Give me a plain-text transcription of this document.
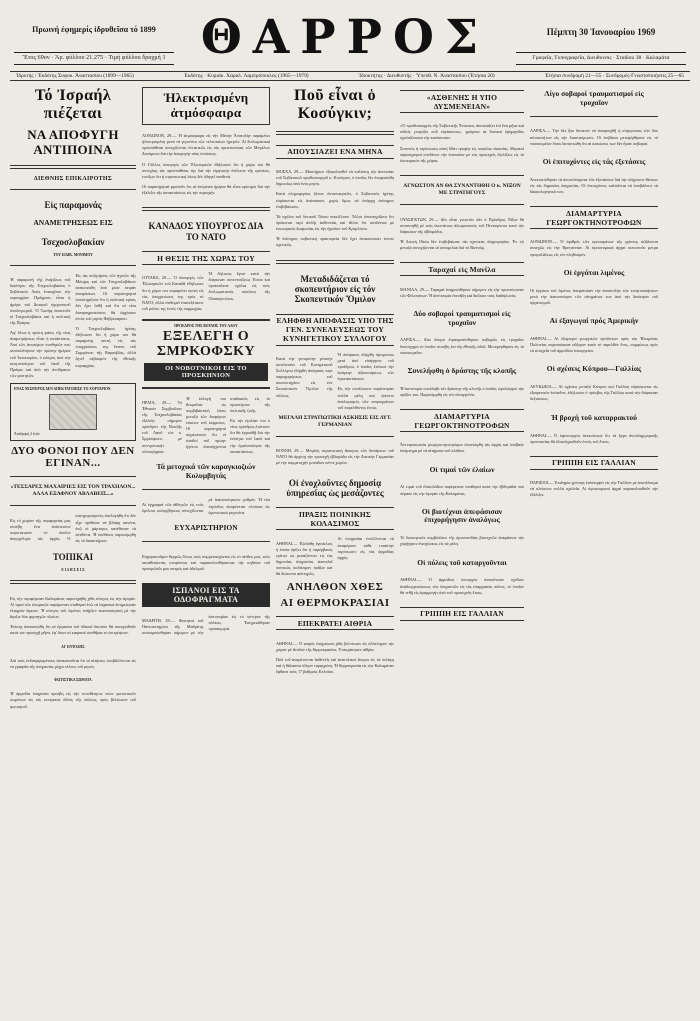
Πρωινή ἐφημερίς ἱδρυθεῖσα τό 1899
Ἔτος 69ον · Ἀρ. φύλλου 21.275 · Τιμή φύλλου δραχμή 1 ΘΑΡΡΟΣ	Πέμπτη 30 Ἰανουαρίου 1969
Γραφεῖα, Τυπογραφεῖα, Διευθυνσις · Σταδίου 38 · Καλαμάτα
Ἰδρυτής / Ἐκδότης Σοφοκ. Ἀναστασίου (1899—1965)	Ἐκδότης · Κυριάκ. Χαραλ. Λαμπρόπουλος (1965—1979)	Ἰδιοκτήτης · Διευθυντής · Ὑπεύθ. Ν. Ἀναστασίου (Ἐτήσια 20)	Ἐτήσια συνδρομή 21—55 · Συνδρομές-Γνωστοποιήσεις 25—65
Τό Ἰσραήλ πιέζεται
ΝΑ ΑΠΟΦΥΓΗ ΑΝΤΙΠΟΙΝΑ
ΔΙΕΘΝΗΣ ΕΠΙΚΑΙΡΟΤΗΣ
Εἰς παραμονάς
ΑΝΑΜΕΤΡΗΣΕΩΣ ΕΙΣ
Τσεχοσλοβακίαν
ΤΟΥ ΕΙΔΙΚ. ΜΟΝΙΜΟΥ

Ἡ παραμονή τῆς ἐνάρξεως τοῦ διαλόγου τῆς Τσεχοσλοβακίας ὁ Σοβιετικός Λαός ἐπιταχύνει τήν κυριαρχίαν. Πράγματι, εἶναι ἡ ἡμέρα τοῦ Δυτικοῦ ἡγεμονικοῦ ὑπολογισμοῦ. Ὁ Ἰωσήφ ἀπαντοῦν οἱ Τσεχοσλοβάκοι καί ἡ πολιτική τῆς Πράγας.

Ἀφ' ὅλων ἡ πρώτη φάσις τῆς νέας ἀναμετρήσεως εἶναι ἡ κατάστασις. Ἀπό τῶν ἀνωτέρων συνθηκῶν πού συνεκλόνησαν τήν πρώτην ἡμέραν τοῦ Ἰανουαρίου, ὁ κόσμος ἀπό τήν κινητοποίησιν τοῦ λαοῦ τῆς Πράγας καί ἀπό τήν ἀντίδρασιν τῶν φοιτητῶν.

Εἰς τάς συζητήσεις τῶν ἡγετῶν τῆς Μόσχας καί τῶν Τσεχοσλοβάκων ἀνεκοινώθη ἀπό μίαν σειράν ἀποφάσεων. Οἱ παρατηρηταί ὑποστηρίζουν ὅτι ἡ πολιτική κρίσις δέν ἔχει λυθῆ καί ὅτι αἱ νέαι διαπραγματεύσεις θά ἀρχίσουν ἐντός τοῦ μηνός Φεβρουαρίου.

Ὁ Τσεχοσλοβάκος ἡγέτης ἐδήλωσεν ὅτι ἡ χώρα του θά παραμείνῃ πιστή εἰς τάς ὑποχρεώσεις της ἔναντι τοῦ Συμφώνου τῆς Βαρσοβίας, ἀλλά ζητεῖ σεβασμόν τῆς ἐθνικῆς κυριαρχίας.

ΕΝΑΣ ΝΕΩΤΕΡΟΣ ΔΕΝ ΑΠΕΚΤΑΤΟΠΙΣΕ ΤΟ ΧΟΡΤΑΡΙΟΝ
Ἀναδρομή 2 ἐτῶν
ΔΥΟ ΦΟΝΟΙ ΠΟΥ ΔΕΝ ΕΓΙΝΑΝ...
«ΤΕΣΣΑΡΕΣ ΜΑΧΑΙΡΙΕΣ ΕΙΣ ΤΟΝ ΤΡΑΧΗΛΟΝ... ΑΛΛΑ ΕΞΑΦΝΟΥ ΑΒΛΑΒΕΙΣ...»

Εἰς τό χωρίον τῆς περιφερείας μας συνέβη ἕνα ἀπίστευτον περιστατικόν τό ὁποῖον ἀπησχόλησε τάς ἀρχάς. Ὁ κατηγορούμενος ἀπελογήθη ὅτι δέν εἶχε πρόθεσιν νά βλάψῃ κανένα, ἐνῷ οἱ μάρτυρες κατέθεσαν τά ἀντίθετα. Ἡ ὑπόθεσις παρεπέμφθη εἰς τό δικαστήριον.

ΤΟΠΙΚΑΙ
Ε Ι Δ Η Σ Ε Ι Σ

Εἰς τήν περιφέρειαν Καλαμάτας παρετηρήθη χθές κίνησις εἰς τήν ἀγοράν. Αἱ τιμαί τῶν ὀπωρικῶν παρέμειναν σταθεραί ἐνῷ τά λαχανικά ἐσημείωσαν ἐλαφράν ὕφεσιν. Ἡ κίνησις τοῦ λιμένος ὑπῆρξεν ἱκανοποιητική μέ τήν ἄφιξιν δύο φορτηγῶν πλοίων.

Ἐπίσης ἀνεκοινώθη ὅτι αἱ ἐργασίαι τοῦ ὁδικοῦ δικτύου θά συνεχισθοῦν κατά τόν προσεχῆ μῆνα, ἐφ' ὅσον αἱ καιρικαί συνθῆκαι τό ἐπιτρέψουν.

ΔΙ' ΕΝΤΟΛΗΣ

Διά τούς ἐνδιαφερομένους ἀνακοινοῦται ὅτι αἱ αἰτήσεις ὑποβάλλονται εἰς τά γραφεῖα τῆς ὑπηρεσίας μέχρι τέλους τοῦ μηνός.

ΦΩΤΙΣΤΙΚΑ ΣΩΜΑΤΑ

Ἡ ἁρμοδία ὑπηρεσία προέβη εἰς τήν τοποθέτησιν νέων φωτιστικῶν σωμάτων εἰς τάς κεντρικάς ὁδούς τῆς πόλεως, πρός βελτίωσιν τοῦ φωτισμοῦ.

Ἠλεκτρισμένη
ἀτμόσφαιρα

ΛΟΝΔΙΝΟΝ, 29.— Ἡ ἀτμόσφαιρα εἰς τήν Μέσην Ἀνατολήν παραμένει ἠλεκτρισμένη μετά τά γεγονότα τῶν τελευταίων ἡμερῶν. Αἱ διπλωματικαί προσπάθειαι συνεχίζονται ἐντατικῶς εἰς τάς πρωτευούσας τῶν Μεγάλων Δυνάμεων διά τήν ἀποφυγήν νέας ἐντάσεως.

Ὁ Γάλλος ὑπουργός τῶν Ἐξωτερικῶν ἐδήλωσεν ὅτι ἡ χώρα του θά συνεχίσῃ τάς προσπαθείας της διά τήν εἰρηνικήν ἐπίλυσιν τῆς κρίσεως, τονίζων ὅτι ἡ στρατιωτική λύσις δέν ὁδηγεῖ πουθενά.

Οἱ παρατηρηταί φρονοῦν ὅτι αἱ ἑπόμεναι ἡμέραι θά εἶναι κρίσιμοι διά τήν ἐξέλιξιν τῆς καταστάσεως εἰς τήν περιοχήν.

ΚΑΝΑΔΟΣ ΥΠΟΥΡΓΟΣ ΔΙΑ ΤΟ ΝΑΤΟ
Η ΘΕΣΙΣ ΤΗΣ ΧΩΡΑΣ ΤΟΥ

ΟΤΤΑΒΑ, 29.— Ὁ ὑπουργός τῶν Ἐξωτερικῶν τοῦ Καναδᾶ ἐδήλωσεν ὅτι ἡ χώρα του παραμένει πιστή εἰς τάς ὑποχρεώσεις της πρός τό ΝΑΤΟ, ἀλλά ἐπιθυμεῖ ἐπανεξέτασιν τοῦ ρόλου της ἐντός τῆς συμμαχίας.

Ἡ δήλωσις ἔγινε κατά τήν διάρκειαν συνεντεύξεως Τύπου καί προεκάλεσε σχόλια εἰς τούς διπλωματικούς κύκλους τῆς Οὐασιγκτῶνος.

ΠΡΟΕΔΡΟΣ ΤΗΣ ΒΟΥΛΗΣ ΤΟΥ ΛΑΟΥ
ΕΞΕΛΕΓΗ Ο ΣΜΡΚΟΦΣΚΥ
ΟΙ ΝΟΒΟΤΝΙΚΟΙ ΕΙΣ ΤΟ ΠΡΟΣΚΗΝΙΟΝ

ΠΡΑΓΑ, 29.— Τό Ἐθνικόν Συμβούλιον τῆς Τσεχοσλοβακίας ἐξέλεξε σήμερον πρόεδρον τῆς Βουλῆς τοῦ Λαοῦ τόν κ. Σμρκόφσκυ, μέ συντριπτικήν πλειοψηφίαν.

Ἡ ἐκλογή του θεωρεῖται ὡς συμβιβαστική λύσις μεταξύ τῶν διαφόρων τάσεων τοῦ κόμματος. Οἱ παρατηρηταί σημειώνουν ὅτι οἱ ὀπαδοί τοῦ πρώην ἡγέτου ἐπανέρχονται σταδιακῶς εἰς τό προσκήνιον τῆς πολιτικῆς ζωῆς.

Εἰς τήν ὁμιλίαν του ὁ νέος πρόεδρος ἐτόνισεν ὅτι θά ἐργασθῇ διά τήν ἑνότητα τοῦ λαοῦ καί τήν ὁμαλοποίησιν τῆς καταστάσεως.

Τά μετοχικά τῶν καραγκιοζιών Κολυμβητάς

Αἱ ἐγγραφαί τῶν ἀθλητῶν εἰς τούς ὁμίλους κολυμβήσεως συνεχίζονται μέ ἱκανοποιητικόν ρυθμόν. Ἡ νέα περίοδος ἀναμένεται πλούσια εἰς ἀγωνιστικά γεγονότα.

ΕΥΧΑΡΙΣΤΗΡΙΟΝ

Εὐχαριστοῦμεν θερμῶς ὅλους τούς συμμετασχόντας εἰς τό πένθος μας, τούς καταθέσαντας στεφάνους καί παρακολουθήσαντας τήν κηδείαν τοῦ προσφιλοῦς μας πατρός καί ἀδελφοῦ.

ΙΣΠΑΝΟΙ ΕΙΣ ΤΑ ΟΔΟΦΡΑΓΜΑΤΑ

ΜΑΔΡΙΤΗ, 29.— Φοιτηταί τοῦ Πανεπιστημίου τῆς Μαδρίτης συνεκρούσθησαν σήμερον μέ τήν ἀστυνομίαν εἰς τό κέντρον τῆς πόλεως. Ἐσημειώθησαν προσαγωγαί.

Ποῦ εἶναι ὁ Κοσύγκιν;
ΑΠΟΥΣΙΑΖΕΙ ΕΝΑ ΜΗΝΑ

ΜΟΣΧΑ, 29.— Μυστήριον ἐξακολουθεῖ νά καλύπτῃ τήν ἀπουσίαν τοῦ Σοβιετικοῦ πρωθυπουργοῦ κ. Κοσύγκιν, ὁ ὁποῖος δέν ἐνεφανίσθη δημοσίως ἀπό ἑνός μηνός.

Κατά πληροφορίας ξένων ἀνταποκριτῶν, ὁ Σοβιετικός ἡγέτης εὑρίσκεται εἰς ἀνάπαυσιν, χωρίς ὅμως νά ὑπάρχῃ ἐπίσημος ἐπιβεβαίωσις.

Τά σχόλια τοῦ δυτικοῦ Τύπου ποικίλλουν. Ἄλλοι ὑποστηρίζουν ὅτι πρόκειται περί ἁπλῆς ἀσθενείας καί ἄλλοι ὅτι συνδέεται μέ ἐσωτερικάς διαφωνίας εἰς τήν ἡγεσίαν τοῦ Κρεμλίνου.

Ἡ ἐπίσημος σοβιετική πρακτορεία δέν ἔχει ἀνακοινώσει τίποτε σχετικῶς.

Μεταδιδάζεται τό σκοπευτήριον εἰς τόν Σκοπευτικόν Ὅμιλον
ΕΛΗΦΘΗ ΑΠΟΦΑΣΙΣ ΥΠΟ ΤΗΣ ΓΕΝ. ΣΥΝΕΛΕΥΣΕΩΣ ΤΟΥ ΚΥΝΗΓΕΤΙΚΟΥ ΣΥΛΛΟΓΟΥ

Κατά τήν γενομένην γενικήν συνέλευσιν τοῦ Κυνηγετικοῦ Συλλόγου ἐλήφθη ἀπόφασις περί παραχωρήσεως τοῦ σκοπευτηρίου εἰς τόν Σκοπευτικόν Ὅμιλον τῆς πόλεως.

Ἡ ἀπόφασις ἐλήφθη ὁμοφώνως μετά ἀπό εἰσήγησιν τοῦ προέδρου, ὁ ὁποῖος ἐτόνισε τήν ἀνάγκην ἀξιοποιήσεως τῶν ἐγκαταστάσεων.

Εἰς τήν συνέλευσιν παρέστησαν πολλά μέλη καί ἐγένετο ἀπολογισμός τῶν πεπραγμένων τοῦ παρελθόντος ἔτους.

ΜΕΓΑΛΗ ΣΤΡΑΤΙΩΤΙΚΗ ΑΣΚΗΣΙΣ ΕΙΣ ΔΥΤ. ΓΕΡΜΑΝΙΑΝ

ΒΟΝΝΗ, 29.— Μεγάλη στρατιωτική ἄσκησις τῶν δυνάμεων τοῦ ΝΑΤΟ θά ἀρχίσῃ τήν προσεχῆ ἑβδομάδα εἰς τήν Δυτικήν Γερμανίαν μέ τήν συμμετοχήν μονάδων πέντε χωρῶν.

Οἱ ἐνοχλοῦντες δημοσίᾳ ὑπηρεσίας ὡς μεσάζοντες
ΠΡΑΞΙΣ ΠΟΙΝΙΚΗΣ ΚΟΛΑΣΙΜΟΣ

ΑΘΗΝΑΙ.— Ἐξεδόθη ἐγκύκλιος ἡ ὁποία ὁρίζει ὅτι ἡ παρέμβασις τρίτων ὡς μεσαζόντων εἰς τάς δημοσίας ὑπηρεσίας ἀποτελεῖ ποινικῶς κολάσιμον πρᾶξιν καί θά διώκεται αὐστηρῶς.

Αἱ ὑπηρεσίαι ἐντέλλονται νά ἀναφέρουν κάθε τοιαύτην περίπτωσιν εἰς τάς ἁρμοδίας ἀρχάς.

ΑΝΗΛΘΟΝ ΧΘΕΣ
ΑΙ ΘΕΡΜΟΚΡΑΣΙΑΙ
ΕΠΕΚΡΑΤΕΙ ΑΙΘΡΙΑ

ΑΘΗΝΑΙ.— Ὁ καιρός ἐσημείωσε χθές βελτίωσιν εἰς ὁλόκληρον τήν χώραν μέ ἄνοδον τῆς θερμοκρασίας. Ἐπεκράτησεν αἰθρία.

Ποῦ τοῦ ἀναμένονται ἀσθενεῖς καί ἀνατολικοί ἄνεμοι εἰς τά πελάγη καί ἡ θάλασσα ὀλίγον ταραγμένη. Ἡ θερμοκρασία εἰς τήν Καλαμάταν ἔφθασε τούς 17 βαθμούς Κελσίου.

«ΑΣΘΕΝΗΣ Η ΥΠΟ ΔΥΣΜΕΝΕΙΑΝ»

«Ὁ πρωθυπουργός τῆς Σοβιετικῆς Ἑνώσεως ἀπουσιάζει ἐπί ἕνα μῆνα καί οὐδείς γνωρίζει ποῦ εὑρίσκεται», γράφουν αἱ δυτικαί ἐφημερίδες σχολιάζουσαι τήν κατάστασιν.

Συνεπῶς ἡ περίπτωσις αὐτή δίδει τροφήν εἰς ποικίλας εἰκασίας. Μερικοί παρατηρηταί συνδέουν τήν ἀπουσίαν μέ τάς προσεχεῖς ἐξελίξεις εἰς τό ἐσωτερικόν τῆς χώρας.

ΑΓΝΩΣΤΟΝ ΑΝ ΘΑ ΣΥΝΑΝΤΗΘΗ Ο κ. ΝΙΞΟΝ ΜΕ ΣΤΡΑΤΗΓΟΥΣ

ΟΥΑΣΙΓΚΤΩΝ, 29.— Δέν εἶναι γνωστόν ἐάν ὁ Πρόεδρος Νίξον θά συναντηθῇ μέ τούς ἀνωτάτους ἀξιωματικούς τοῦ Πενταγώνου κατά τήν διάρκειαν τῆς ἑβδομάδος.

Ἡ Λευκή Οἰκία δέν ἐπιβεβαίωσε τάς σχετικάς πληροφορίας. Ἐν τῷ μεταξύ συνεχίζονται αἱ συνομιλίαι διά τό Βιετνάμ.

Ταραχαί εἰς Μανίλα

ΜΑΝΙΛΑ, 29.— Ταραχαί ἐσημειώθησαν σήμερον εἰς τήν πρωτεύουσαν τῶν Φιλιππίνων. Ἡ ἀστυνομία ἐπενέβη καί διέλυσε τούς διαδηλωτάς.

Δύο σοβαροί τραυματισμοί εἰς τροχαῖον

ΛΑΡΙΣΑ.— Δύο ἄτομα ἐτραυματίσθησαν σοβαρῶς εἰς τροχαῖον δυστύχημα τό ὁποῖον συνέβη ἐπί τῆς ἐθνικῆς ὁδοῦ. Μετεφέρθησαν εἰς τό νοσοκομεῖον.

Συνελήφθη ὁ δράστης τῆς κλοπῆς

Ἡ ἀστυνομία συνέλαβε τόν δράστην τῆς κλοπῆς ὁ ὁποῖος ὡμολόγησε τήν πρᾶξιν του. Παρεπέμφθη εἰς τόν εἰσαγγελέα.

ΔΙΑΜΑΡΤΥΡΙΑ ΓΕΩΡΓΟΚΤΗΝΟΤΡΟΦΩΝ

Ἀντιπροσωπεία γεωργοκτηνοτρόφων ἐπεσκέφθη τάς ἀρχάς καί ὑπέβαλε ὑπόμνημα μέ τά αἰτήματα τοῦ κλάδου.

Οἱ τιμαί τῶν ἐλαίων

Αἱ τιμαί τοῦ ἐλαιολάδου παρέμειναν σταθεραί κατά τήν ἑβδομάδα πού πέρασε εἰς τήν ἀγοράν τῆς Καλαμάτας.

Οἱ βιοτέχναι ἀπεφάσισαν ἐπιχορήγησιν ἀναλόγως

Τό διοικητικόν συμβούλιον τῆς ὁμοσπονδίας βιοτεχνῶν ἀπεφάσισε τήν χορήγησιν ἐνισχύσεως εἰς τά μέλη.

Οἱ πόλεις τοῦ καταργοῦνται

ΑΘΗΝΑΙ.— Ὁ ἁρμόδιος ὑπουργός ἀνεκοίνωσε σχέδιον ἀναδιοργανώσεως τῶν ὑπηρεσιῶν εἰς τάς ἐπαρχιακάς πόλεις, τό ὁποῖον θά τεθῇ εἰς ἐφαρμογήν ἀπό τοῦ προσεχοῦς ἔτους.

ΓΡΙΠΠΗ ΕΙΣ ΓΑΛΛΙΑΝ
Λίγο σοβαροί τραυματισμοί εἰς τροχαῖον

ΛΑΡΙΣΑ.— Τήν δέν ἦτο δυνατόν νά ἀποφευχθῇ ἡ σύγκρουσις τῶν δύο αὐτοκινήτων εἰς τήν διασταύρωσιν. Οἱ ἐπιβάται μετεφέρθησαν εἰς τό νοσοκομεῖον ὅπου διεπιστώθη ὅτι αἱ κακώσεις των δέν ἦσαν σοβαραί.

Οἱ ἐπιτυχόντες εἰς τάς ἐξετάσεις

Ἀνεκοινώθησαν τά ἀποτελέσματα τῶν ἐξετάσεων διά τήν πλήρωσιν θέσεων εἰς τάς δημοσίας ὑπηρεσίας. Οἱ ἐπιτυχόντες καλοῦνται νά ὑποβάλουν τά δικαιολογητικά των.

ΔΙΑΜΑΡΤΥΡΙΑ ΓΕΩΡΓΟΚΤΗΝΟΤΡΟΦΩΝ

ΛΟΝΔΙΝΟΝ.— Ὁ ἀριθμός τῶν κρουσμάτων τῆς γρίππης αὐξάνεται συνεχῶς εἰς τήν Βρεταννίαν. Αἱ ὑγειονομικαί ἀρχαί συνιστοῦν μέτρα προφυλάξεως εἰς τόν πληθυσμόν.

Οἱ ἐργάται λιμένος

Οἱ ἐργάται τοῦ λιμένος ἀπεφάσισαν τήν ἀναστολήν τῶν κινητοποιήσεων μετά τήν ἱκανοποίησιν τῶν αἰτημάτων των ἀπό τήν διοίκησιν τοῦ ὀργανισμοῦ.

Αἱ ἐξαγωγαί πρός Ἀμερικήν

ΑΘΗΝΑΙ.— Αἱ ἐξαγωγαί γεωργικῶν προϊόντων πρός τάς Ἡνωμένας Πολιτείας παρουσίασαν αὔξησιν κατά τό παρελθόν ἔτος, συμφώνως πρός τά στοιχεῖα τοῦ ἁρμοδίου ὑπουργείου.

Οἱ σχέσεις Κύπρου—Γαλλίας

ΛΕΥΚΩΣΙΑ.— Αἱ σχέσεις μεταξύ Κύπρου καί Γαλλίας εὑρίσκονται εἰς ἐξαιρετικόν ἐπίπεδον, ἐδήλωσεν ὁ πρέσβυς τῆς Γαλλίας κατά τήν διάρκειαν δεξιώσεως.

Ἡ βροχή τοῦ καταρρακτού

ΑΘΗΝΑΙ.— Ὁ ὑφυπουργός ἀνεκοίνωσε ὅτι τά ἔργα ἀντιπλημμυρικῆς προστασίας θά ὁλοκληρωθοῦν ἐντός τοῦ ἔτους.

ΓΡΙΠΠΗ ΕΙΣ ΓΑΛΛΙΑΝ

ΠΑΡΙΣΙΟΙ.— Ἐπιδημία γρίππης ἐνέσκηψεν εἰς τήν Γαλλίαν μέ ἀποτέλεσμα νά κλείσουν πολλά σχολεῖα. Αἱ ὑγειονομικαί ἀρχαί παρακολουθοῦν τήν ἐξέλιξιν.
